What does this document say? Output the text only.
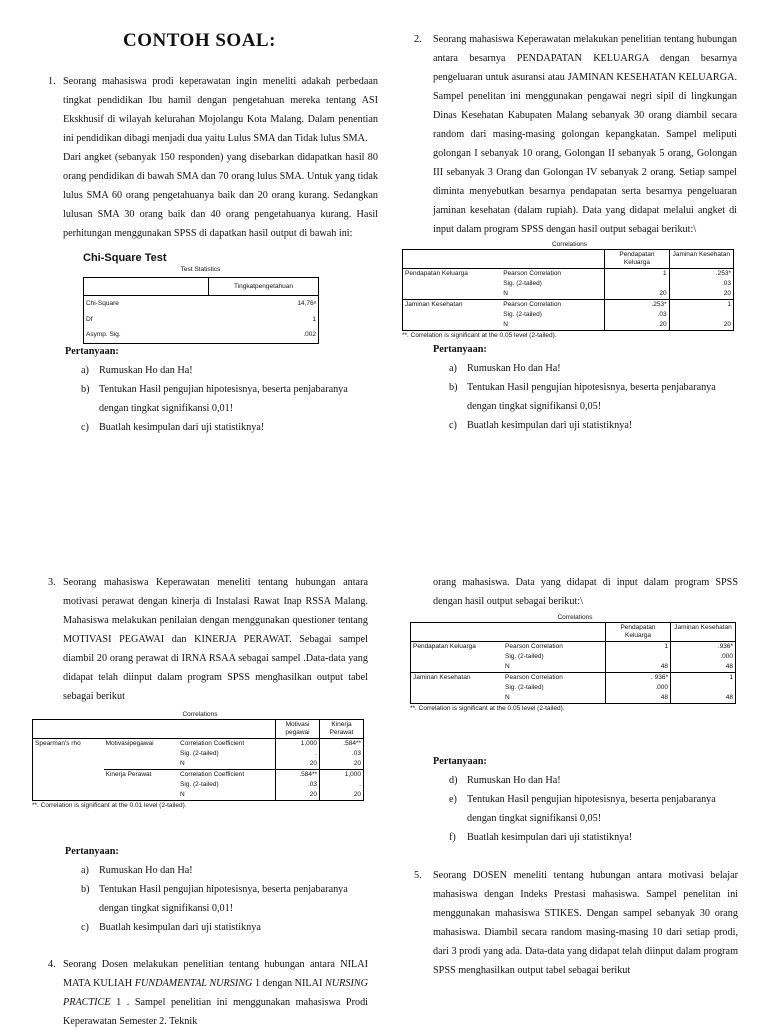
CONTOH SOAL:
1. Seorang mahasiswa prodi keperawatan ingin meneliti adakah perbedaan tingkat pendidikan Ibu hamil dengan pengetahuan mereka tentang ASI Ekskhusif di wilayah kelurahan Mojolangu Kota Malang. Dalam penentian ini pendidikan dibagi menjadi dua yaitu Lulus SMA dan Tidak lulus SMA.
Dari angket (sebanyak 150 responden) yang disebarkan didapatkan hasil 80 orang pendidikan di bawah SMA dan 70 orang lulus SMA. Untuk yang tidak lulus SMA 60 orang pengetahuanya baik dan 20 orang kurang. Sedangkan lulusan SMA 30 orang baik dan 40 orang pengetahuanya kurang. Hasil perhitungan menggunakan SPSS di dapatkan hasil output di bawah ini:
Chi-Square Test
Test Statistics
	Tingkatpengetahuan
Chi-Square	14,76ᵃ
Df	1
Asymp. Sig.	.002
Pertanyaan:
a) Rumuskan Ho dan Ha!
b) Tentukan Hasil pengujian hipotesisnya, beserta penjabaranya dengan tingkat signifikansi 0,01!
c) Buatlah kesimpulan dari uji statistiknya!
2. Seorang mahasiswa Keperawatan melakukan penelitian tentang hubungan antara besarnya PENDAPATAN KELUARGA dengan besarnya pengeluaran untuk asuransi atau JAMINAN KESEHATAN KELUARGA. Sampel penelitan ini menggunakan pengawai negri sipil di lingkungan Dinas Kesehatan Kabupaten Malang sebanyak 30 orang diambil secara random dari masing-masing golongan kepangkatan. Sampel meliputi golongan I sebanyak 10 orang, Golongan II sebanyak 5 orang, Golongan III sebanyak 3 Orang dan Golongan IV sebanyak 2 orang. Setiap sampel diminta menyebutkan besarnya pendapatan serta besarnya pengeluaran jaminan kesehatan (dalam rupiah). Data yang didapat melalui angket di input dalam program SPSS dengan hasil output sebagai berikut:\
Correlations
		Pendapatan Keluarga	Jaminan Kesehatan
Pendapatan Keluarga	Pearson Correlation	1	.253*
	Sig. (2-tailed)		.03
	N	20	20
Jaminan Kesehatan	Pearson Correlation	.253*	1
	Sig. (2-tailed)	.03	
	N	20	20
**. Correlation is significant at the 0.05 level (2-tailed).
Pertanyaan:
a) Rumuskan Ho dan Ha!
b) Tentukan Hasil pengujian hipotesisnya, beserta penjabaranya dengan tingkat signifikansi 0,05!
c) Buatlah kesimpulan dari uji statistiknya!
3. Seorang mahasiswa Keperawatan meneliti tentang hubungan antara motivasi perawat dengan kinerja di Instalasi Rawat Inap RSSA Malang. Mahasiswa melakukan penilaian dengan menggunakan questioner tentang MOTIVASI PEGAWAI dan KINERJA PERAWAT. Sebagai sampel diambil 20 orang perawat di IRNA RSAA sebagai sampel .Data-data yang didapat telah diinput dalam program SPSS menghasilkan output tabel sebagai berikut
Correlations
			Motivasi pegawai	Kinerja Perawat
Spearman's rho	Motivasipegawai	Correlation Coefficient	1,000	.584**
		Sig. (2-tailed)	.	.03
		N	20	20
	Kinerja Perawat	Correlation Coefficient	.584**	1,000
		Sig. (2-tailed)	.03	.
		N	20	20
**. Correlation is significant at the 0.01 level (2-tailed).
Pertanyaan:
a) Rumuskan Ho dan Ha!
b) Tentukan Hasil pengujian hipotesisnya, beserta penjabaranya dengan tingkat signifikansi 0,01!
c) Buatlah kesimpulan dari uji statistiknya
4. Seorang Dosen melakukan penelitian tentang hubungan antara NILAI MATA KULIAH FUNDAMENTAL NURSING 1 dengan NILAI NURSING PRACTICE 1 . Sampel penelitian ini menggunakan mahasiswa Prodi Keperawatan Semester 2. Teknik
orang mahasiswa. Data yang didapat di input dalam program SPSS dengan hasil output sebagai berikut:\
Correlations
		Pendapatan Keluarga	Jaminan Kesehatan
Pendapatan Keluarga	Pearson Correlation	1	.936*
	Sig. (2-tailed)		.000
	N	48	48
Jaminan Kesehatan	Pearson Correlation	. 936*	1
	Sig. (2-tailed)	.000	
	N	48	48
**. Correlation is significant at the 0.05 level (2-tailed).
Pertanyaan:
d) Rumuskan Ho dan Ha!
e) Tentukan Hasil pengujian hipotesisnya, beserta penjabaranya dengan tingkat signifikansi 0,05!
f) Buatlah kesimpulan dari uji statistiknya!
5. Seorang DOSEN meneliti tentang hubungan antara motivasi belajar mahasiswa dengan Indeks Prestasi mahasiswa. Sampel penelitan ini menggunakan mahasiswa STIKES. Dengan sampel sebanyak 30 orang mahasiswa. Diambil secara random masing-masing 10 dari setiap prodi, dari 3 prodi yang ada. Data-data yang didapat telah diinput dalam program SPSS menghasilkan output tabel sebagai berikut
